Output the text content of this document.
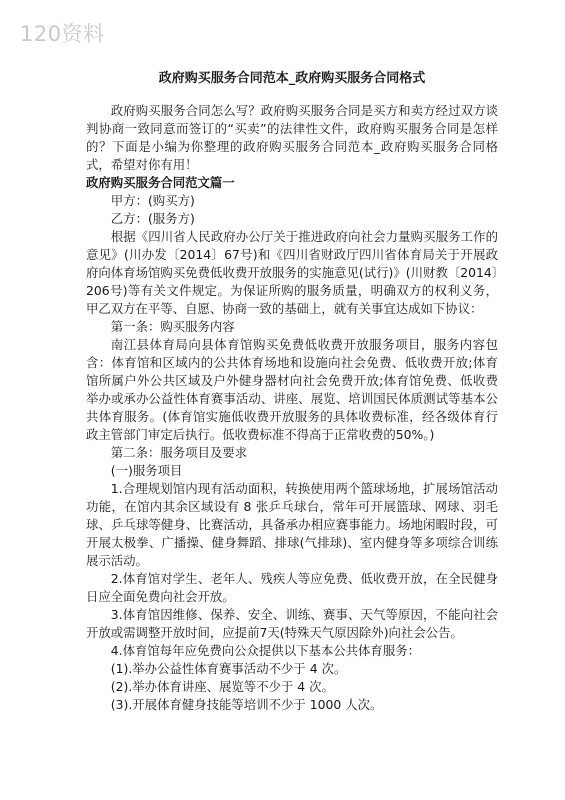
120资料
政府购买服务合同范本_政府购买服务合同格式

政府购买服务合同怎么写？政府购买服务合同是买方和卖方经过双方谈判协商一致同意而签订的“买卖”的法律性文件，政府购买服务合同是怎样的？下面是小编为你整理的政府购买服务合同范本_政府购买服务合同格式，希望对你有用！

政府购买服务合同范文篇一

甲方：(购买方)

乙方：(服务方)

根据《四川省人民政府办公厅关于推进政府向社会力量购买服务工作的意见》(川办发〔2014〕67号)和《四川省财政厅四川省体育局关于开展政府向体育场馆购买免费低收费开放服务的实施意见(试行)》(川财教〔2014〕206号)等有关文件规定。为保证所购的服务质量，明确双方的权利义务，甲乙双方在平等、自愿、协商一致的基础上，就有关事宜达成如下协议：

第一条：购买服务内容

南江县体育局向县体育馆购买免费低收费开放服务项目，服务内容包含：体育馆和区域内的公共体育场地和设施向社会免费、低收费开放;体育馆所属户外公共区域及户外健身器材向社会免费开放;体育馆免费、低收费举办或承办公益性体育赛事活动、讲座、展览、培训国民体质测试等基本公共体育服务。(体育馆实施低收费开放服务的具体收费标准，经各级体育行政主管部门审定后执行。低收费标准不得高于正常收费的50%。)

第二条：服务项目及要求

(一)服务项目

1.合理规划馆内现有活动面积，转换使用两个篮球场地，扩展场馆活动功能，在馆内其余区域设有 8 张乒乓球台，常年可开展篮球、网球、羽毛球、乒乓球等健身、比赛活动，具备承办相应赛事能力。场地闲暇时段，可开展太极拳、广播操、健身舞蹈、排球(气排球)、室内健身等多项综合训练展示活动。

2.体育馆对学生、老年人、残疾人等应免费、低收费开放，在全民健身日应全面免费向社会开放。

3.体育馆因维修、保养、安全、训练、赛事、天气等原因，不能向社会开放或需调整开放时间，应提前7天(特殊天气原因除外)向社会公告。

4.体育馆每年应免费向公众提供以下基本公共体育服务：

(1).举办公益性体育赛事活动不少于 4 次。

(2).举办体育讲座、展览等不少于 4 次。

(3).开展体育健身技能等培训不少于 1000 人次。
